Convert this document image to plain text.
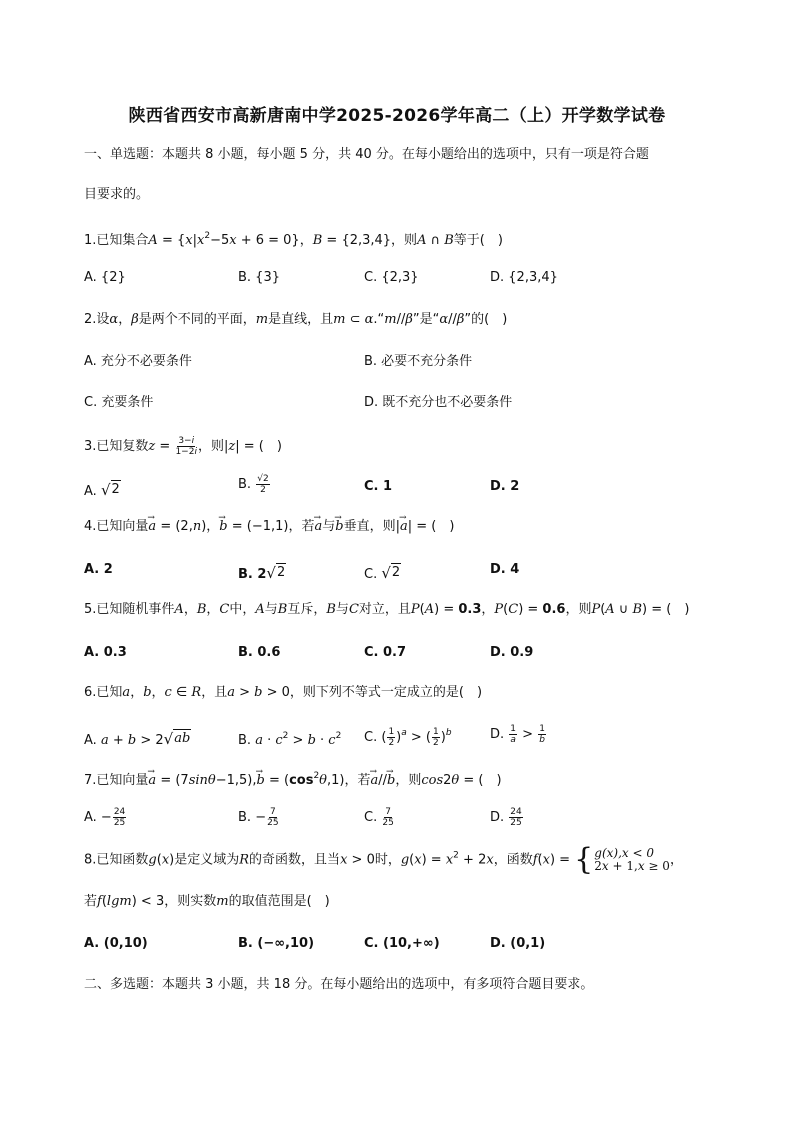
陕西省西安市高新唐南中学2025-2026学年高二（上）开学数学试卷
一、单选题：本题共 8 小题，每小题 5 分，共 40 分。在每小题给出的选项中，只有一项是符合题
目要求的。
1.已知集合$A = \{x|x^2-5x + 6 = 0\}$，B = {2,3,4}，则A ∩ B等于(　)
A. {2}	B. {3}	C. {2,3}	D. {2,3,4}
2.设α，β是两个不同的平面，m是直线，且m ⊂ α.“m//β”是“α//β”的(　)
A. 充分不必要条件	B. 必要不充分条件
C. 充要条件	D. 既不充分也不必要条件
3.已知复数$z = \frac{3-i}{1-2i}$ ，则|z| = (　)
A. √ 2	B. $\frac{√2}{2}$	C. 1	D. 2
4.已知向量→ a = (2,n)，→ b = (−1,1)，若→ a与→ b垂直，则|→ a| = (　)
A. 2	B. 2 √ 2	C. √ 2	D. 4
5.已知随机事件A，B，C中，A与B互斥，B与C对立，且P(A) = 0.3，P(C) = 0.6，则P(A ∪ B) = (　)
A. 0.3	B. 0.6	C. 0.7	D. 0.9
6.已知a，b，c ∈ R，且a > b > 0，则下列不等式一定成立的是(　)
A. a + b > 2 √ ab	B. $a \cdot c^2 > b \cdot c^2$ C. ( $\frac{1}{2} )^a$ > ( $\frac{1}{2} )^b$	D. $\frac{1}{a} > \frac{1}{b}$
7.已知向量→ $a = (7\sin\theta-1,5),\to b = (\cos^2\theta,1)$，若→ a//→ b，则cos2θ = (　)
A. − $\frac{24}{25}$	B. − $\frac{7}{25}$	C. $\frac{7}{25}$	D. $\frac{24}{25}$
8.已知函数g(x)是定义域为R的奇函数，且当x > 0时，$g(x) = x^2 + 2x$，函数f(x) = { g(x),x < 0
2x + 1,x ≥ 0 ，
若f(lgm) < 3，则实数m的取值范围是(　)
A. (0,10)	B. (−∞,10)	C. (10,+∞)	D. (0,1)
二、多选题：本题共 3 小题，共 18 分。在每小题给出的选项中，有多项符合题目要求。
